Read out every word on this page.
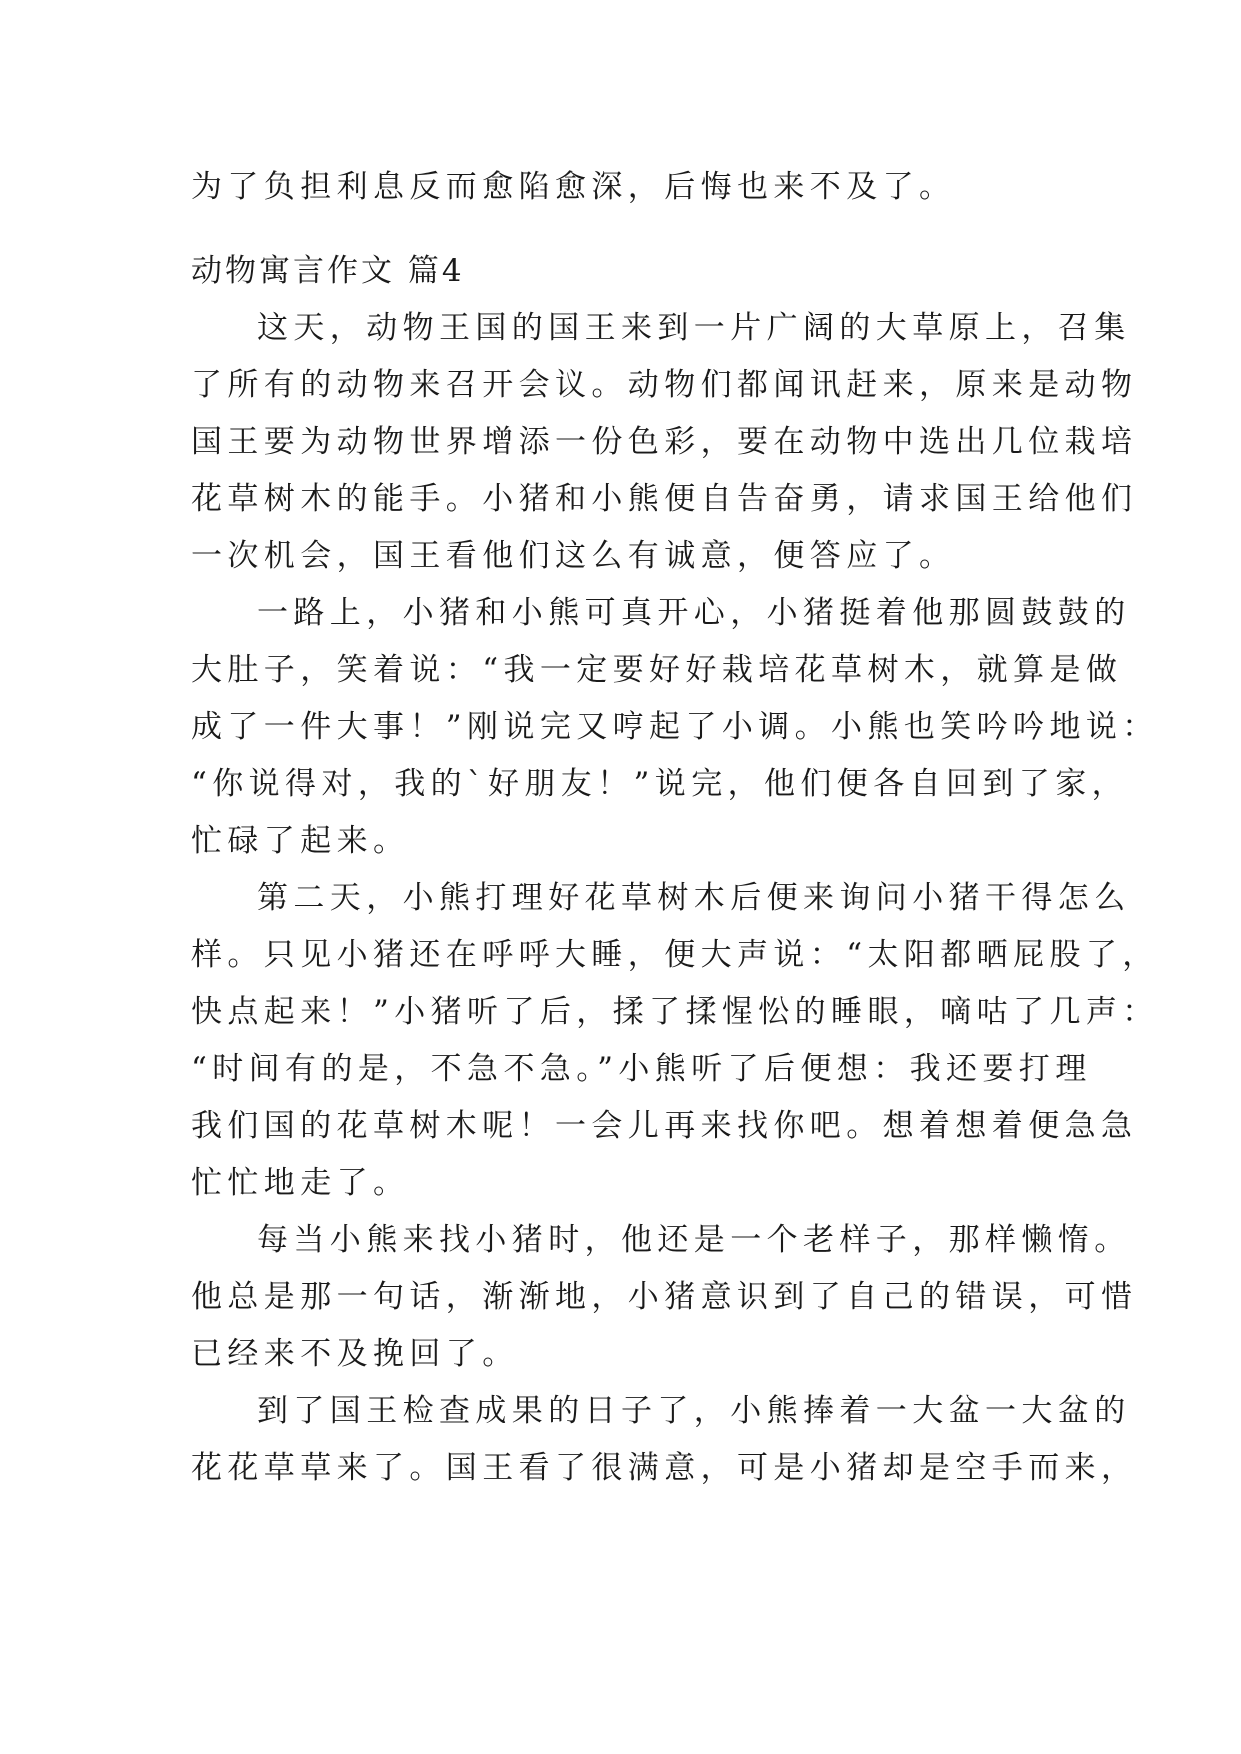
为了负担利息反而愈陷愈深，后悔也来不及了。
动物寓言作文 篇4
这天，动物王国的国王来到一片广阔的大草原上，召集
了所有的动物来召开会议。动物们都闻讯赶来，原来是动物
国王要为动物世界增添一份色彩，要在动物中选出几位栽培
花草树木的能手。小猪和小熊便自告奋勇，请求国王给他们
一次机会，国王看他们这么有诚意，便答应了。
一路上，小猪和小熊可真开心，小猪挺着他那圆鼓鼓的
大肚子，笑着说：“我一定要好好栽培花草树木，就算是做
成了一件大事！”刚说完又哼起了小调。小熊也笑吟吟地说：
“你说得对，我的`好朋友！”说完，他们便各自回到了家，
忙碌了起来。
第二天，小熊打理好花草树木后便来询问小猪干得怎么
样。只见小猪还在呼呼大睡，便大声说：“太阳都晒屁股了，
快点起来！”小猪听了后，揉了揉惺忪的睡眼，嘀咕了几声：
“时间有的是，不急不急。”小熊听了后便想：我还要打理
我们国的花草树木呢！一会儿再来找你吧。想着想着便急急
忙忙地走了。
每当小熊来找小猪时，他还是一个老样子，那样懒惰。
他总是那一句话，渐渐地，小猪意识到了自己的错误，可惜
已经来不及挽回了。
到了国王检查成果的日子了，小熊捧着一大盆一大盆的
花花草草来了。国王看了很满意，可是小猪却是空手而来，
